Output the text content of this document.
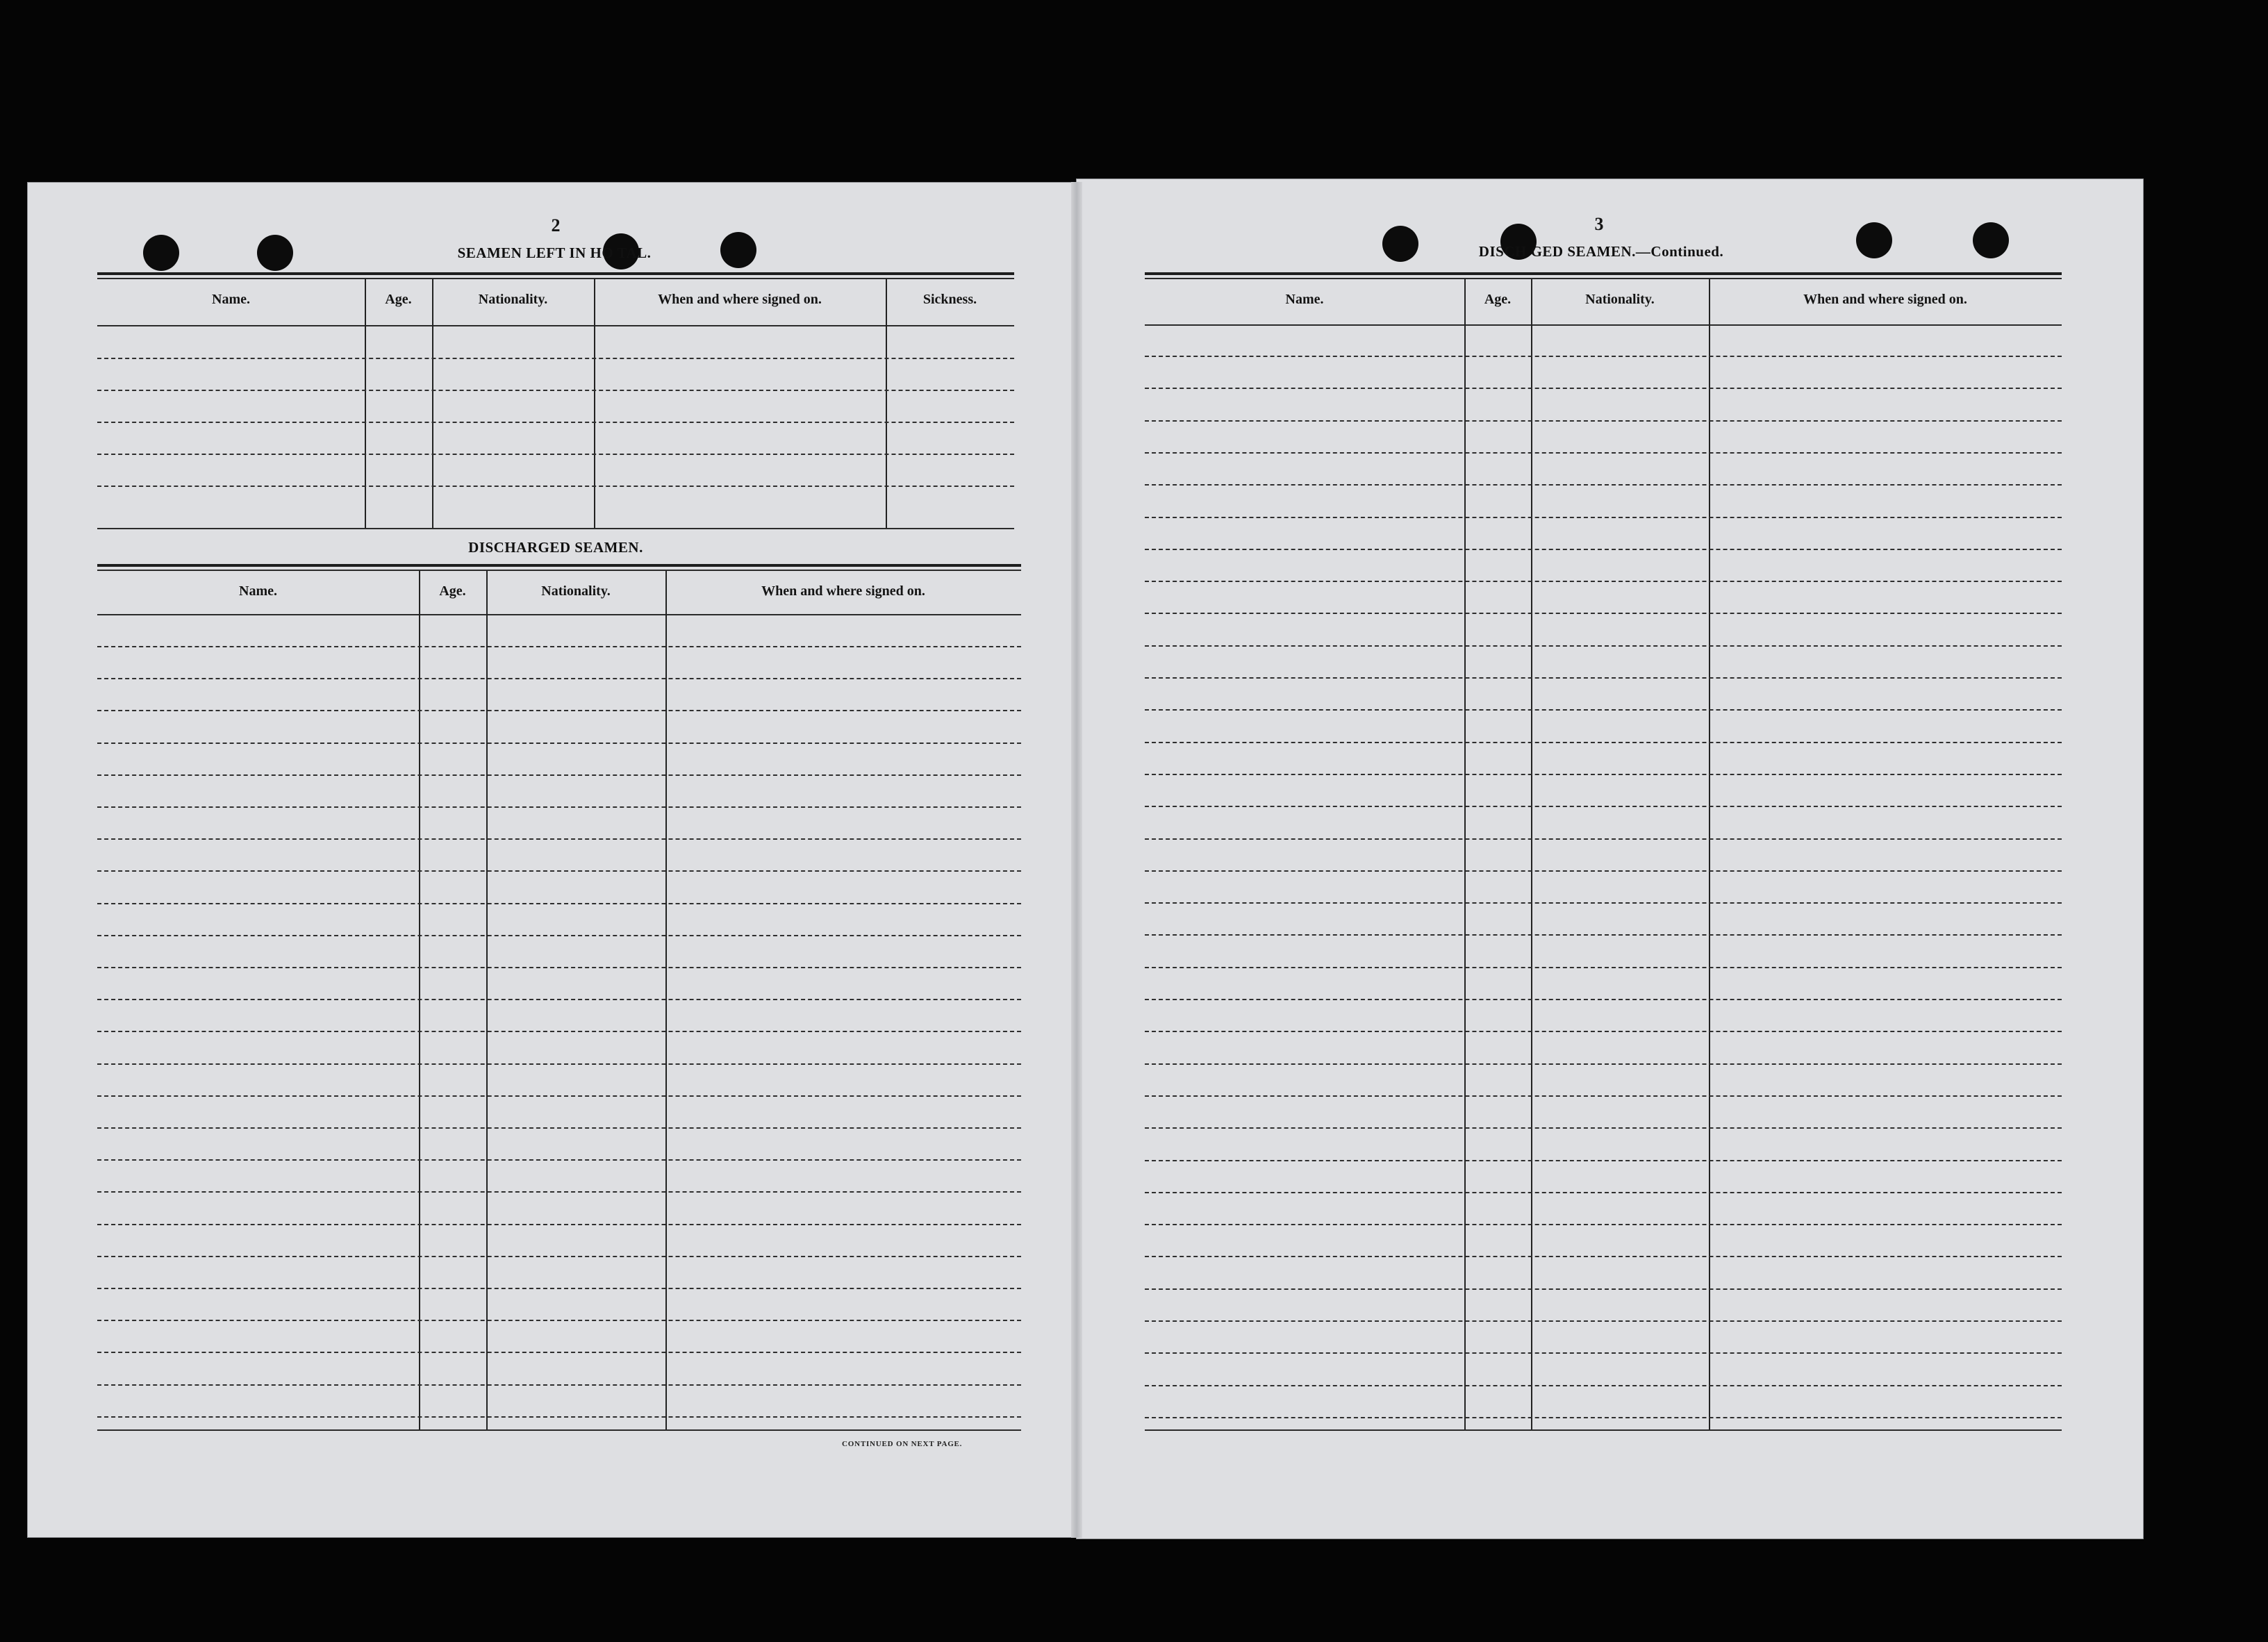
2
SEAMEN LEFT IN HO TAL.
DISCHARGED SEAMEN.
CONTINUED ON NEXT PAGE.
3
DISCH GED SEAMEN.—Continued.
Name.	Age.	Nationality.	When and where signed on.	Sickness.
Name.	Age.	Nationality.	When and where signed on.
Name.	Age.	Nationality.	When and where signed on.
